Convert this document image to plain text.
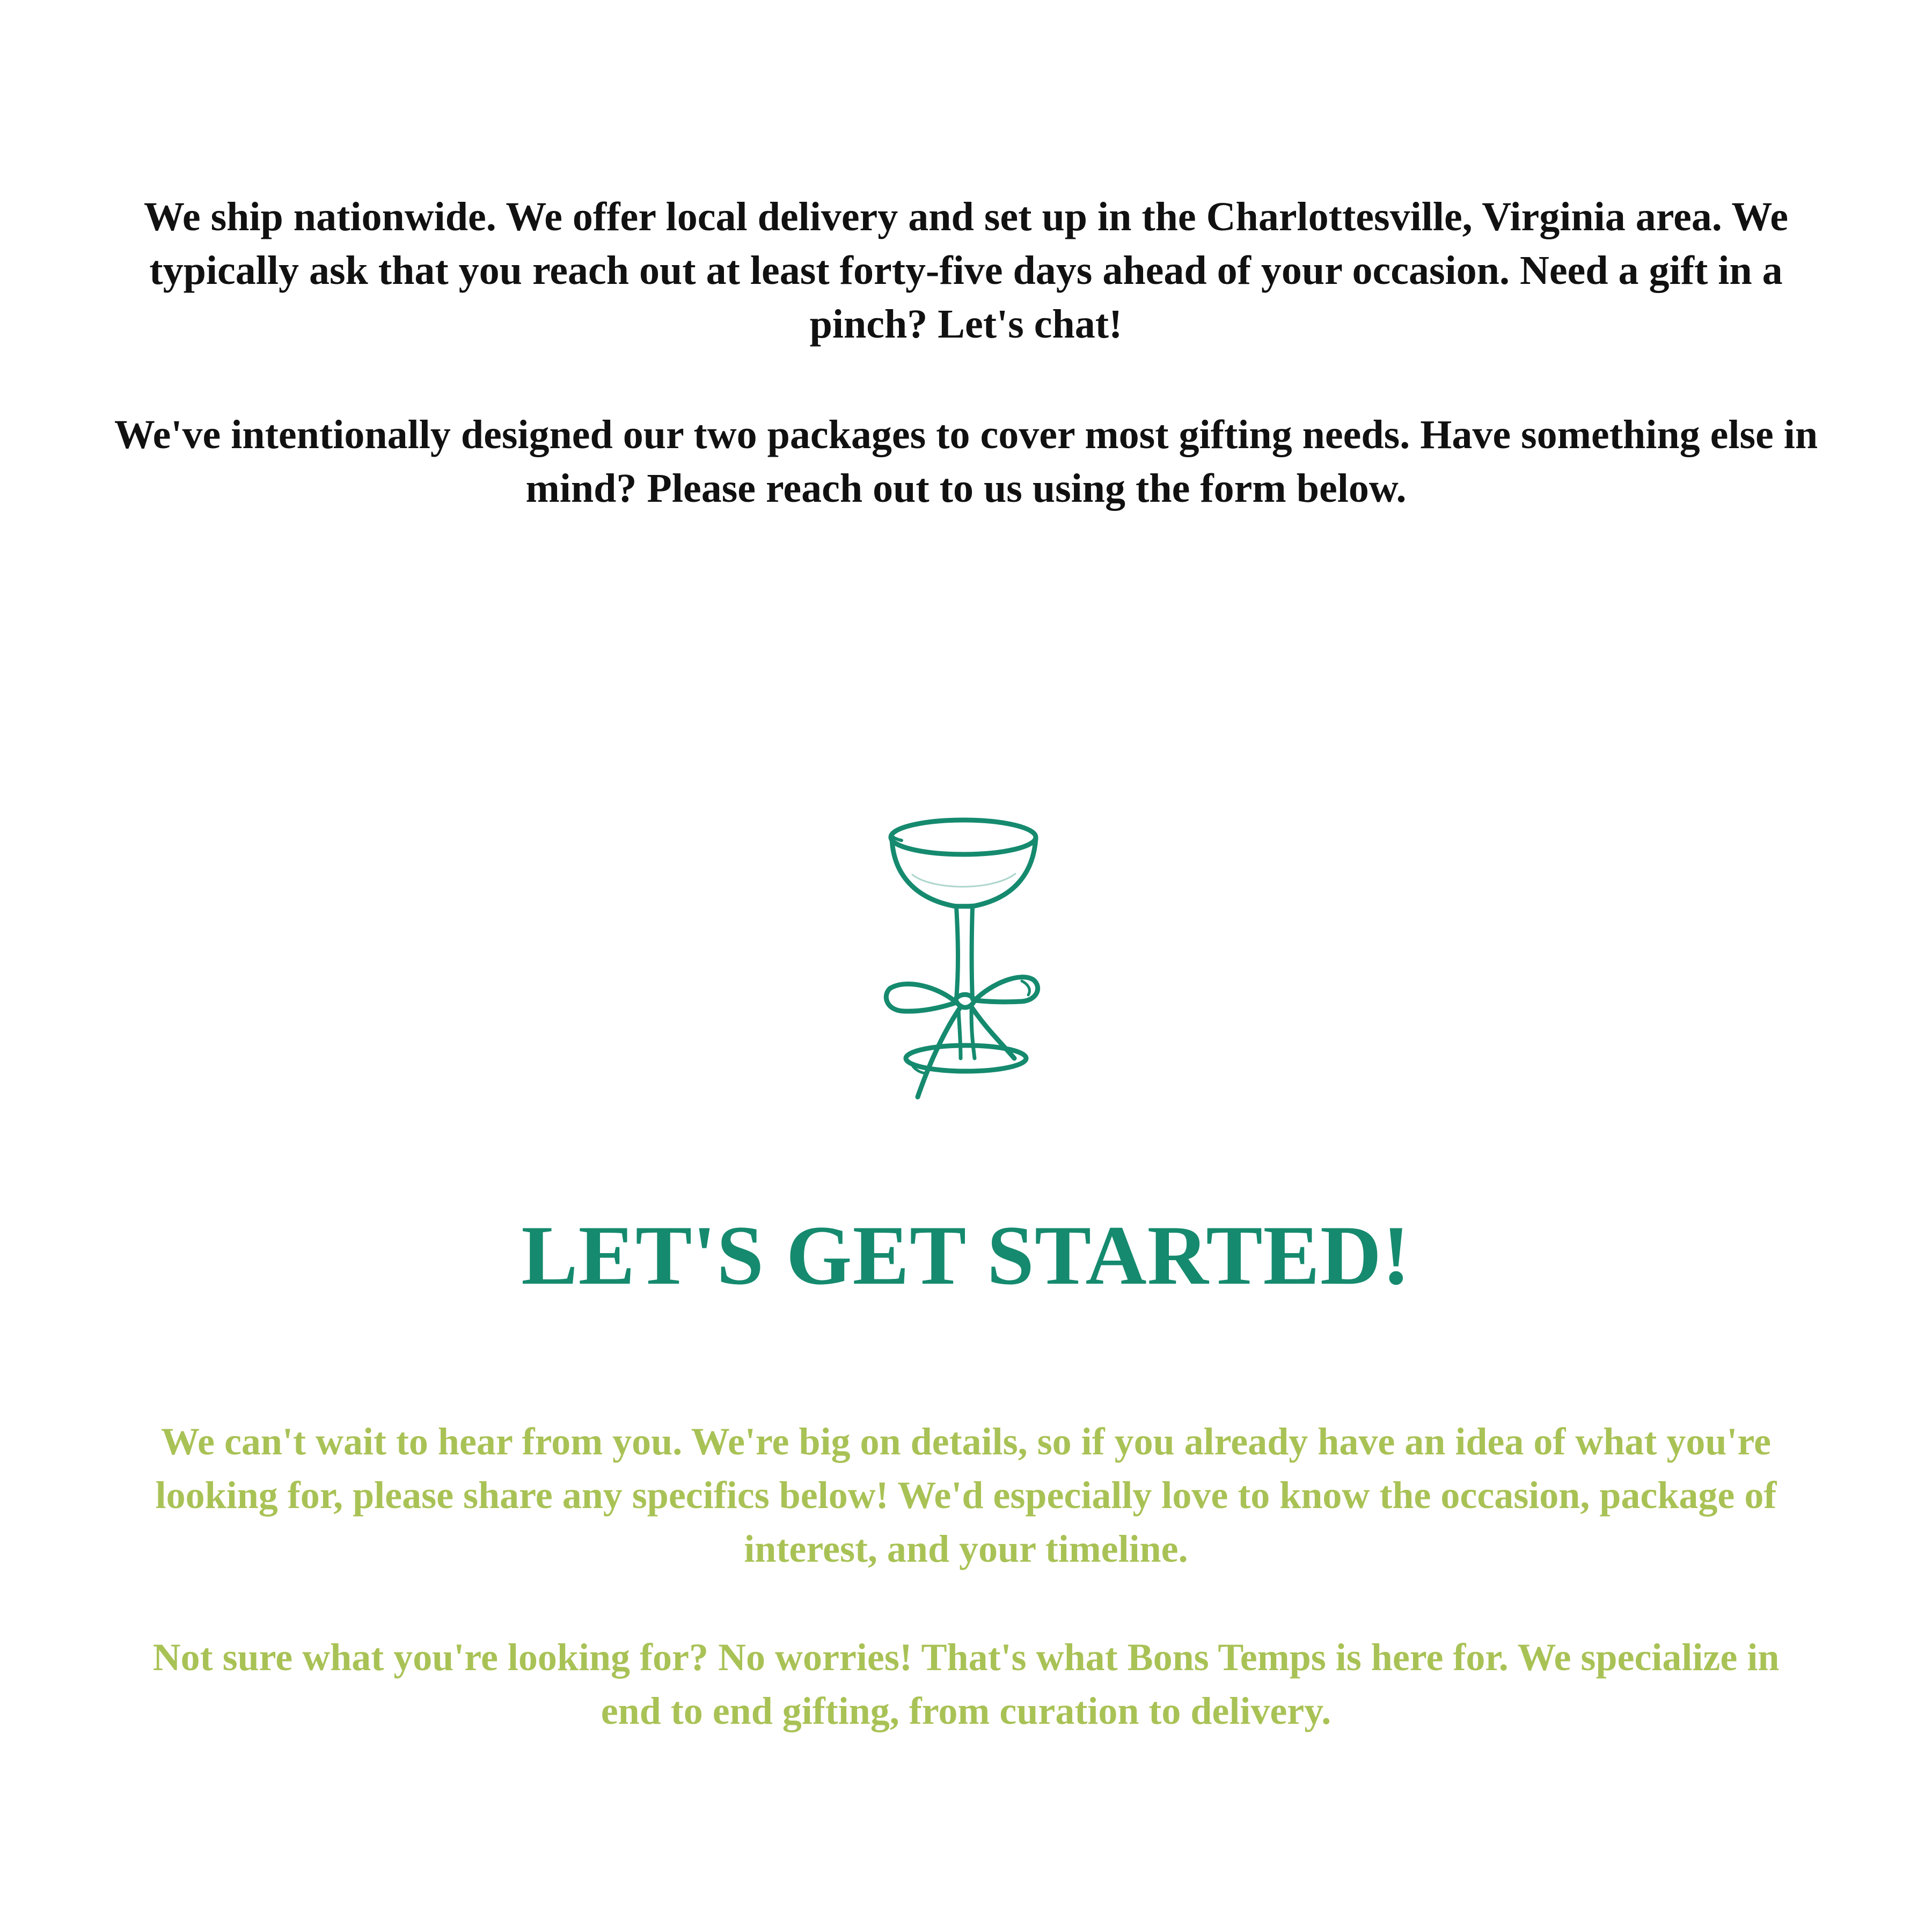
We ship nationwide. We offer local delivery and set up in the Charlottesville, Virginia area. We typically ask that you reach out at least forty-five days ahead of your occasion. Need a gift in a pinch? Let's chat!

We've intentionally designed our two packages to cover most gifting needs. Have something else in mind? Please reach out to us using the form below.

LET'S GET STARTED!

We can't wait to hear from you. We're big on details, so if you already have an idea of what you're looking for, please share any specifics below! We'd especially love to know the occasion, package of interest, and your timeline.

Not sure what you're looking for? No worries! That's what Bons Temps is here for. We specialize in end to end gifting, from curation to delivery.
